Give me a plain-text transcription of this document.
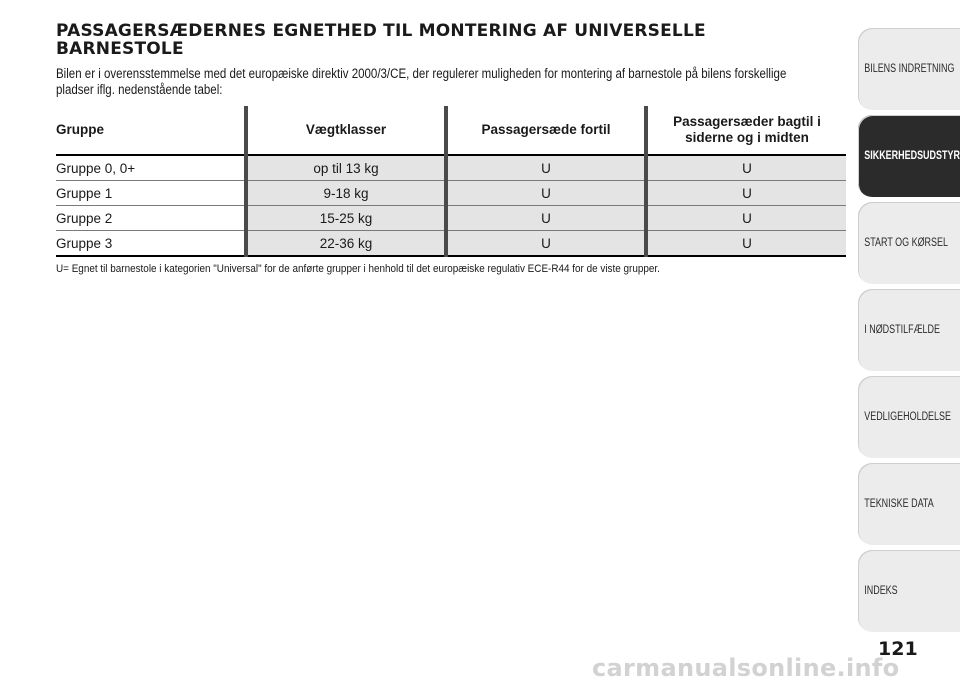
PASSAGERSÆDERNES EGNETHED TIL MONTERING AF UNIVERSELLE
BARNESTOLE
Bilen er i overensstemmelse med det europæiske direktiv 2000/3/CE, der regulerer muligheden for montering af barnestole på bilens forskellige
pladser iflg. nedenstående tabel:
Gruppe	Vægtklasser	Passagersæde fortil	Passagersæder bagtil i
siderne og i midten
Gruppe 0, 0+	op til 13 kg	U	U
Gruppe 1	9-18 kg	U	U
Gruppe 2	15-25 kg	U	U
Gruppe 3	22-36 kg	U	U
U= Egnet til barnestole i kategorien "Universal" for de anførte grupper i henhold til det europæiske regulativ ECE-R44 for de viste grupper.
BILENS INDRETNING
SIKKERHEDSUDSTYR
START OG KØRSEL
I NØDSTILFÆLDE
VEDLIGEHOLDELSE
TEKNISKE DATA
INDEKS
121
carmanualsonline.info
